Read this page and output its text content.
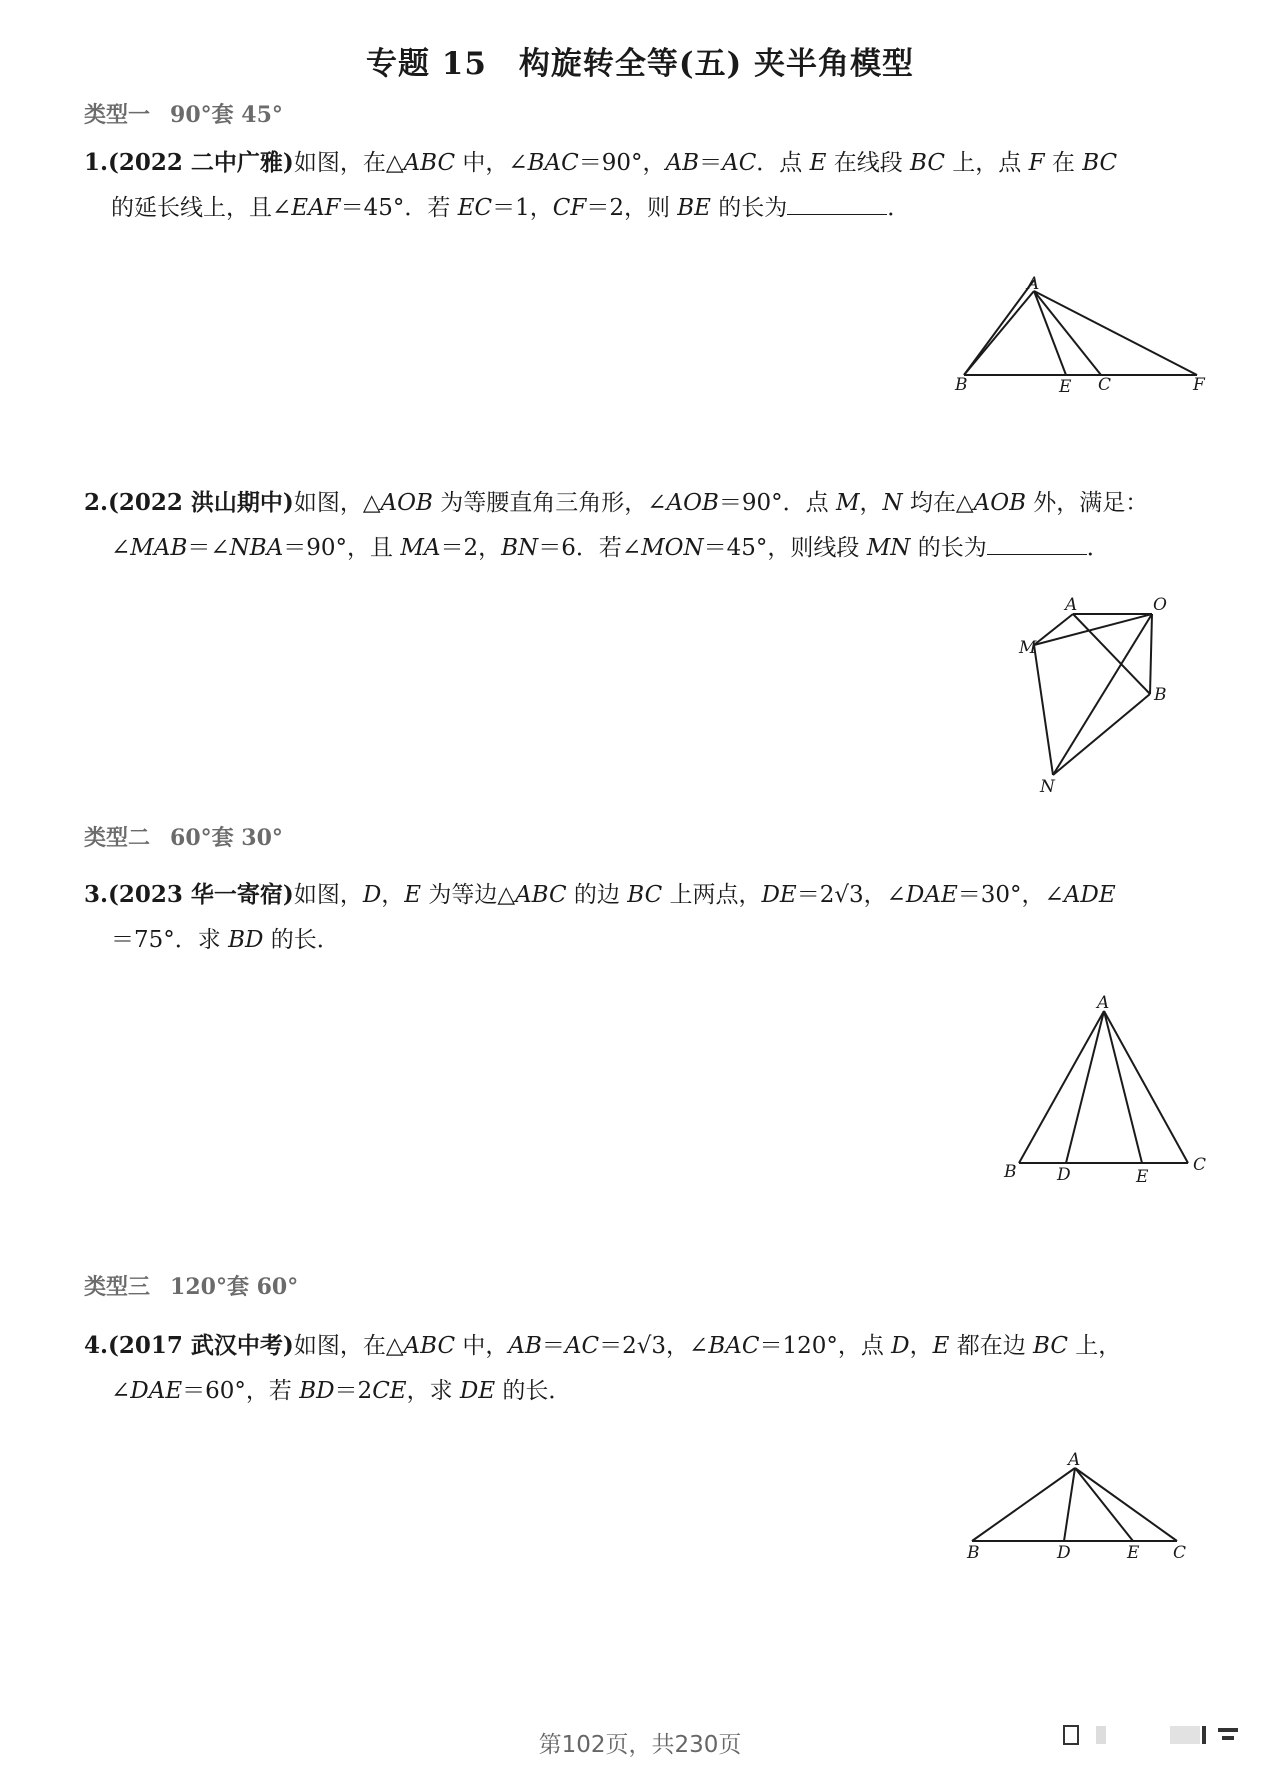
专题 15　构旋转全等(五) 夹半角模型
类型一 90°套 45°
1.(2022 二中广雅)如图，在△ABC 中，∠BAC＝90°，AB＝AC．点 E 在线段 BC 上，点 F 在 BC
的延长线上，且∠EAF＝45°．若 EC＝1，CF＝2，则 BE 的长为	．
A
B	E C	F
2.(2022 洪山期中)如图，△AOB 为等腰直角三角形，∠AOB＝90°．点 M，N 均在△AOB 外，满足：
∠MAB＝∠NBA＝90°，且 MA＝2，BN＝6．若∠MON＝45°，则线段 MN 的长为	．
A	O
M
B
N
类型二 60°套 30°
3.(2023 华一寄宿)如图，D，E 为等边△ABC 的边 BC 上两点，DE＝2√3，∠DAE＝30°，∠ADE
＝75°．求 BD 的长．
A
B D	E
C
类型三 120°套 60°
4.(2017 武汉中考)如图，在△ABC 中，AB＝AC＝2√3，∠BAC＝120°，点 D，E 都在边 BC 上，
∠DAE＝60°，若 BD＝2CE，求 DE 的长．
A
B	D	E C
第102页，共230页
